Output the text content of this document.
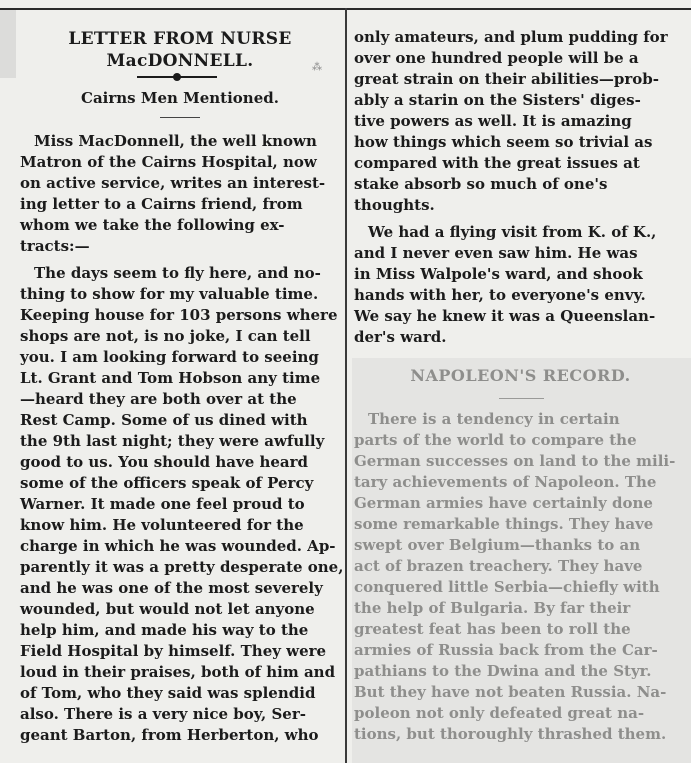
LETTER FROM NURSE
MacDONNELL.
Cairns Men Mentioned.
Miss MacDonnell, the well known
Matron of the Cairns Hospital, now
on active service, writes an interest-
ing letter to a Cairns friend, from
whom we take the following ex-
tracts:—
The days seem to fly here, and no-
thing to show for my valuable time.
Keeping house for 103 persons where
shops are not, is no joke, I can tell
you. I am looking forward to seeing
Lt. Grant and Tom Hobson any time
—heard they are both over at the
Rest Camp. Some of us dined with
the 9th last night; they were awfully
good to us. You should have heard
some of the officers speak of Percy
Warner. It made one feel proud to
know him. He volunteered for the
charge in which he was wounded. Ap-
parently it was a pretty desperate one,
and he was one of the most severely
wounded, but would not let anyone
help him, and made his way to the
Field Hospital by himself. They were
loud in their praises, both of him and
of Tom, who they said was splendid
also. There is a very nice boy, Ser-
geant Barton, from Herberton, who
⁂
only amateurs, and plum pudding for
over one hundred people will be a
great strain on their abilities—prob-
ably a starin on the Sisters' diges-
tive powers as well. It is amazing
how things which seem so trivial as
compared with the great issues at
stake absorb so much of one's
thoughts.
We had a flying visit from K. of K.,
and I never even saw him. He was
in Miss Walpole's ward, and shook
hands with her, to everyone's envy.
We say he knew it was a Queenslan-
der's ward.
NAPOLEON'S RECORD.
There is a tendency in certain
parts of the world to compare the
German successes on land to the mili-
tary achievements of Napoleon. The
German armies have certainly done
some remarkable things. They have
swept over Belgium—thanks to an
act of brazen treachery. They have
conquered little Serbia—chiefly with
the help of Bulgaria. By far their
greatest feat has been to roll the
armies of Russia back from the Car-
pathians to the Dwina and the Styr.
But they have not beaten Russia. Na-
poleon not only defeated great na-
tions, but thoroughly thrashed them.
